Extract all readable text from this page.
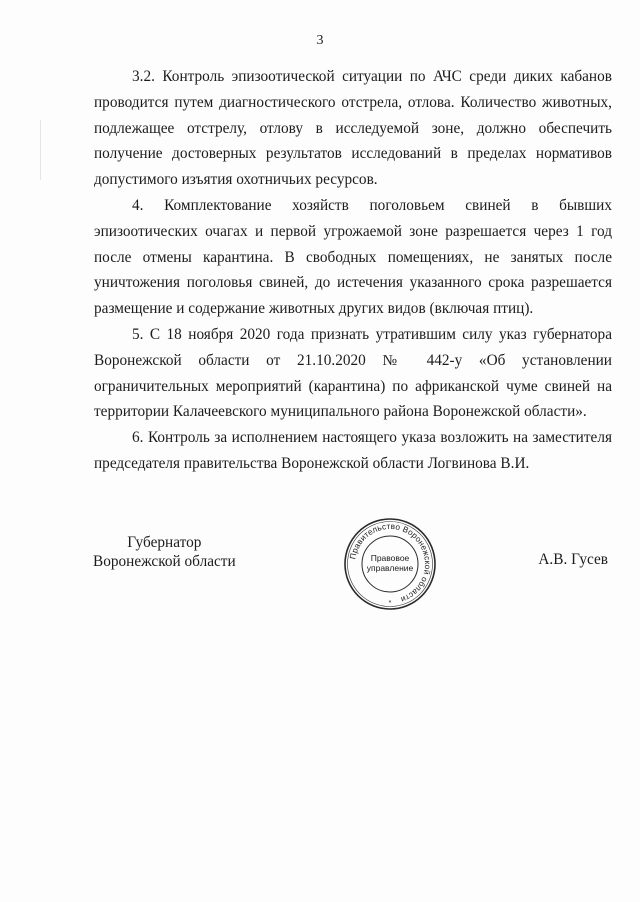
3

3.2. Контроль эпизоотической ситуации по АЧС среди диких кабанов проводится путем диагностического отстрела, отлова. Количество животных, подлежащее отстрелу, отлову в исследуемой зоне, должно обеспечить получение достоверных результатов исследований в пределах нормативов допустимого изъятия охотничьих ресурсов.

4. Комплектование хозяйств поголовьем свиней в бывших эпизоотических очагах и первой угрожаемой зоне разрешается через 1 год после отмены карантина. В свободных помещениях, не занятых после уничтожения поголовья свиней, до истечения указанного срока разрешается размещение и содержание животных других видов (включая птиц).

5. С 18 ноября 2020 года признать утратившим силу указ губернатора Воронежской области от 21.10.2020 № 442-у «Об установлении ограничительных мероприятий (карантина) по африканской чуме свиней на территории Калачеевского муниципального района Воронежской области».

6. Контроль за исполнением настоящего указа возложить на заместителя председателя правительства Воронежской области Логвинова В.И.

Губернатор
Воронежской области	Правительство Воронежской области
Правовое
управление
*
А.В. Гусев
